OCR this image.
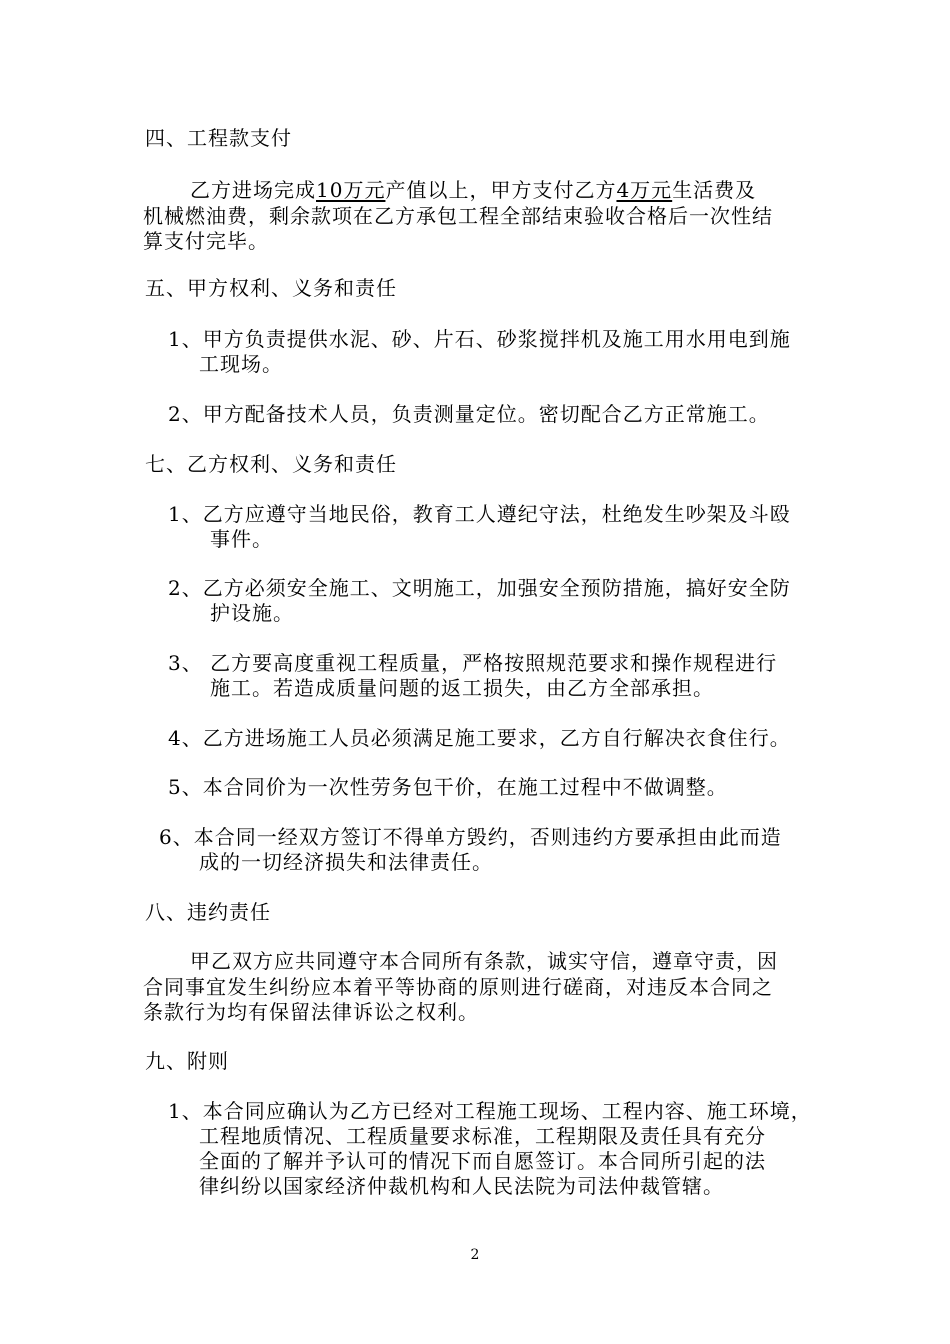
四、工程款支付
乙方进场完成10万元产值以上，甲方支付乙方4万元生活费及
机械燃油费，剩余款项在乙方承包工程全部结束验收合格后一次性结
算支付完毕。
五、甲方权利、义务和责任
1、甲方负责提供水泥、砂、片石、砂浆搅拌机及施工用水用电到施
工现场。
2、甲方配备技术人员，负责测量定位。密切配合乙方正常施工。
七、乙方权利、义务和责任
1、乙方应遵守当地民俗，教育工人遵纪守法，杜绝发生吵架及斗殴
事件。
2、乙方必须安全施工、文明施工，加强安全预防措施，搞好安全防
护设施。
3、 乙方要高度重视工程质量，严格按照规范要求和操作规程进行
施工。若造成质量问题的返工损失，由乙方全部承担。
4、乙方进场施工人员必须满足施工要求，乙方自行解决衣食住行。
5、本合同价为一次性劳务包干价，在施工过程中不做调整。
6、本合同一经双方签订不得单方毁约，否则违约方要承担由此而造
成的一切经济损失和法律责任。
八、违约责任
甲乙双方应共同遵守本合同所有条款，诚实守信，遵章守责，因
合同事宜发生纠纷应本着平等协商的原则进行磋商，对违反本合同之
条款行为均有保留法律诉讼之权利。
九、附则
1、本合同应确认为乙方已经对工程施工现场、工程内容、施工环境，
工程地质情况、工程质量要求标准，工程期限及责任具有充分
全面的了解并予认可的情况下而自愿签订。本合同所引起的法
律纠纷以国家经济仲裁机构和人民法院为司法仲裁管辖。
2
